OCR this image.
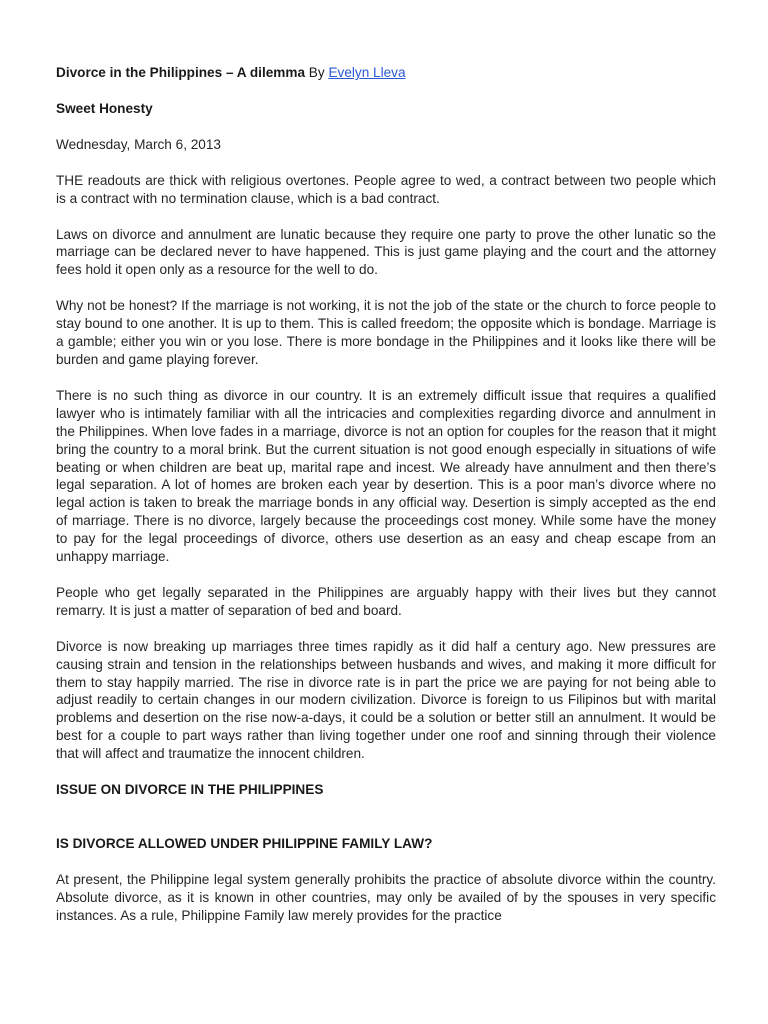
Divorce in the Philippines – A dilemma By Evelyn Lleva
Sweet Honesty
Wednesday, March 6, 2013

THE readouts are thick with religious overtones. People agree to wed, a contract between two people which is a contract with no termination clause, which is a bad contract.

Laws on divorce and annulment are lunatic because they require one party to prove the other lunatic so the marriage can be declared never to have happened. This is just game playing and the court and the attorney fees hold it open only as a resource for the well to do.

Why not be honest? If the marriage is not working, it is not the job of the state or the church to force people to stay bound to one another. It is up to them. This is called freedom; the opposite which is bondage. Marriage is a gamble; either you win or you lose. There is more bondage in the Philippines and it looks like there will be burden and game playing forever.

There is no such thing as divorce in our country. It is an extremely difficult issue that requires a qualified lawyer who is intimately familiar with all the intricacies and complexities regarding divorce and annulment in the Philippines. When love fades in a marriage, divorce is not an option for couples for the reason that it might bring the country to a moral brink. But the current situation is not good enough especially in situations of wife beating or when children are beat up, marital rape and incest. We already have annulment and then there’s legal separation. A lot of homes are broken each year by desertion. This is a poor man’s divorce where no legal action is taken to break the marriage bonds in any official way. Desertion is simply accepted as the end of marriage. There is no divorce, largely because the proceedings cost money. While some have the money to pay for the legal proceedings of divorce, others use desertion as an easy and cheap escape from an unhappy marriage.

People who get legally separated in the Philippines are arguably happy with their lives but they cannot remarry. It is just a matter of separation of bed and board.

Divorce is now breaking up marriages three times rapidly as it did half a century ago. New pressures are causing strain and tension in the relationships between husbands and wives, and making it more difficult for them to stay happily married. The rise in divorce rate is in part the price we are paying for not being able to adjust readily to certain changes in our modern civilization. Divorce is foreign to us Filipinos but with marital problems and desertion on the rise now-a-days, it could be a solution or better still an annulment. It would be best for a couple to part ways rather than living together under one roof and sinning through their violence that will affect and traumatize the innocent children.

ISSUE ON DIVORCE IN THE PHILIPPINES
IS DIVORCE ALLOWED UNDER PHILIPPINE FAMILY LAW?

At present, the Philippine legal system generally prohibits the practice of absolute divorce within the country. Absolute divorce, as it is known in other countries, may only be availed of by the spouses in very specific instances. As a rule, Philippine Family law merely provides for the practice
